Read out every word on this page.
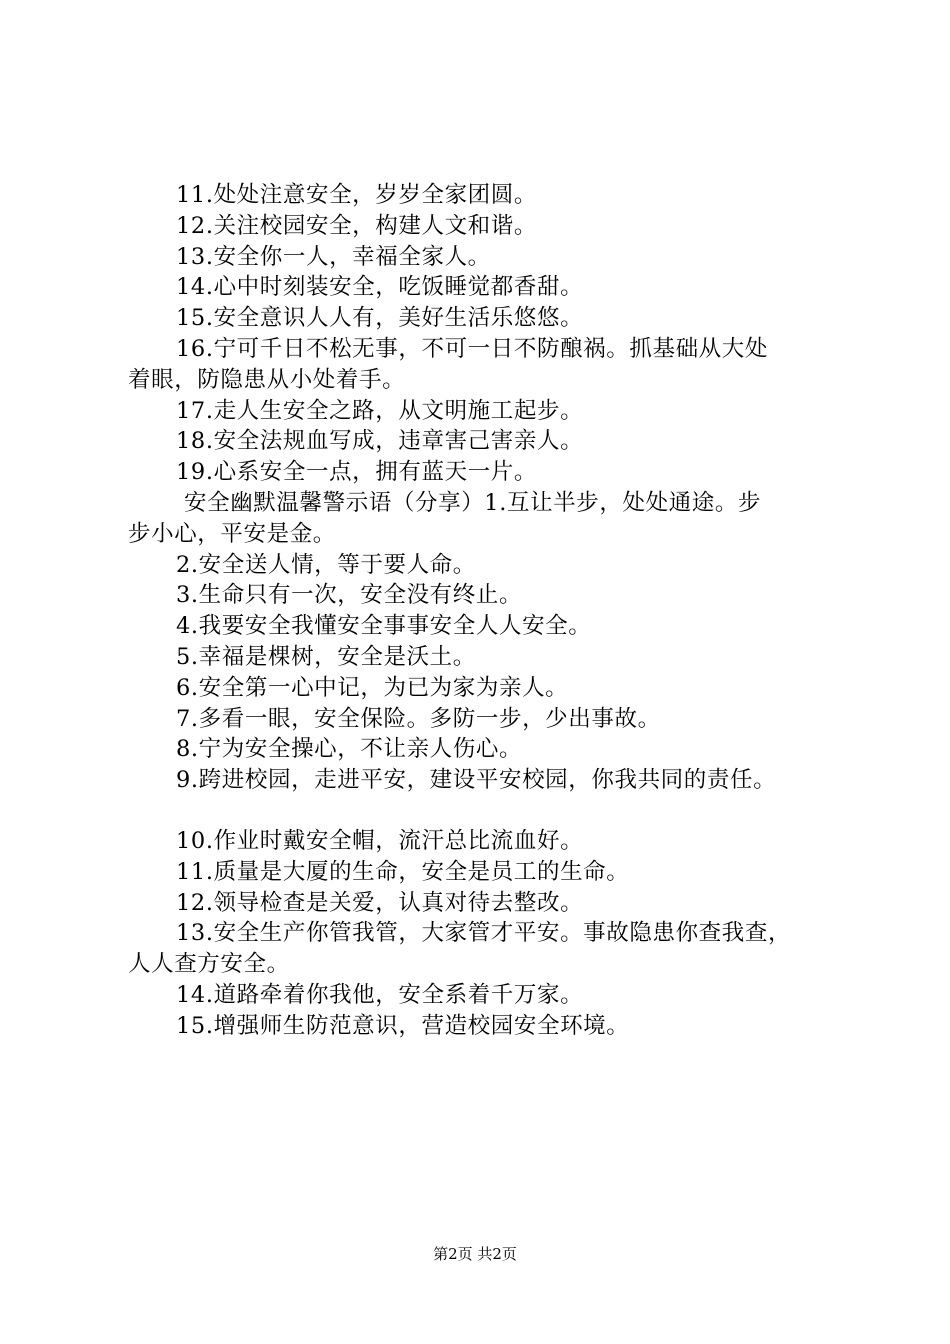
11.处处注意安全，岁岁全家团圆。
12.关注校园安全，构建人文和谐。
13.安全你一人，幸福全家人。
14.心中时刻装安全，吃饭睡觉都香甜。
15.安全意识人人有，美好生活乐悠悠。
16.宁可千日不松无事，不可一日不防酿祸。抓基础从大处
着眼，防隐患从小处着手。
17.走人生安全之路，从文明施工起步。
18.安全法规血写成，违章害己害亲人。
19.心系安全一点，拥有蓝天一片。
安全幽默温馨警示语（分享）1.互让半步，处处通途。步
步小心，平安是金。
2.安全送人情，等于要人命。
3.生命只有一次，安全没有终止。
4.我要安全我懂安全事事安全人人安全。
5.幸福是棵树，安全是沃土。
6.安全第一心中记，为已为家为亲人。
7.多看一眼，安全保险。多防一步，少出事故。
8.宁为安全操心，不让亲人伤心。
9.跨进校园，走进平安，建设平安校园，你我共同的责任。
10.作业时戴安全帽，流汗总比流血好。
11.质量是大厦的生命，安全是员工的生命。
12.领导检查是关爱，认真对待去整改。
13.安全生产你管我管，大家管才平安。事故隐患你查我查，
人人查方安全。
14.道路牵着你我他，安全系着千万家。
15.增强师生防范意识，营造校园安全环境。
第2页 共2页
